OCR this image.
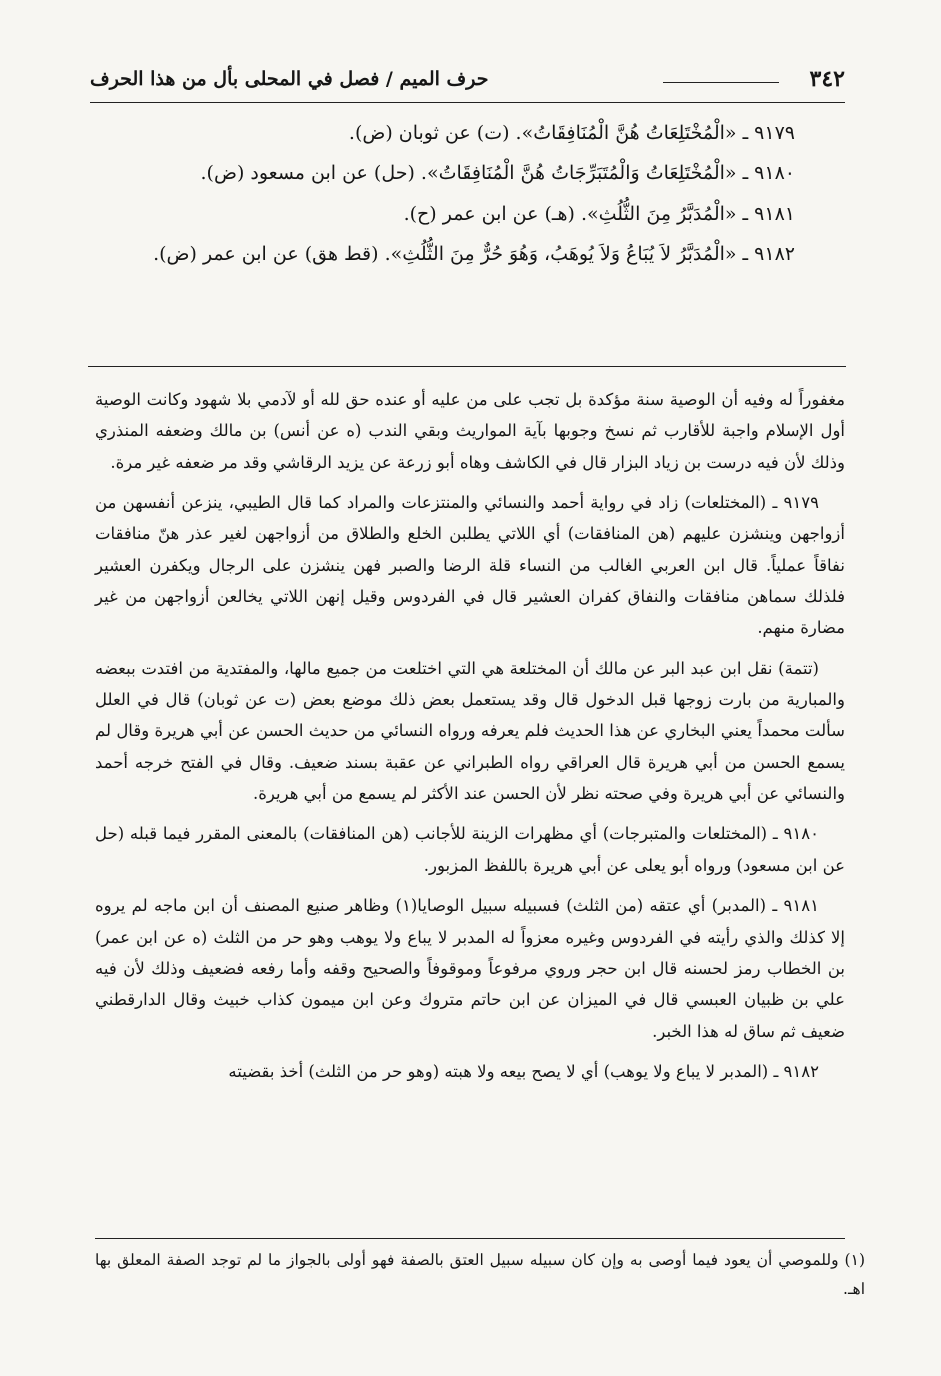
٣٤٢
حرف الميم / فصل في المحلى بأل من هذا الحرف

٩١٧٩ ـ «الْمُخْتَلِعَاتُ هُنَّ الْمُنَافِقَاتُ». (ت) عن ثوبان (ض).

٩١٨٠ ـ «الْمُخْتَلِعَاتُ وَالْمُتَبَرِّجَاتُ هُنَّ الْمُنَافِقَاتُ». (حل) عن ابن مسعود (ض).

٩١٨١ ـ «الْمُدَبَّرُ مِنَ الثُّلُثِ». (هـ) عن ابن عمر (ح).

٩١٨٢ ـ «الْمُدَبَّرُ لاَ يُبَاعُ وَلاَ يُوهَبُ، وَهُوَ حُرٌّ مِنَ الثُّلُثِ». (قط هق) عن ابن عمر (ض).

مغفوراً له وفيه أن الوصية سنة مؤكدة بل تجب على من عليه أو عنده حق لله أو لآدمي بلا شهود وكانت الوصية أول الإسلام واجبة للأقارب ثم نسخ وجوبها بآية المواريث وبقي الندب (ه عن أنس) بن مالك وضعفه المنذري وذلك لأن فيه درست بن زياد البزار قال في الكاشف وهاه أبو زرعة عن يزيد الرقاشي وقد مر ضعفه غير مرة.

٩١٧٩ ـ (المختلعات) زاد في رواية أحمد والنسائي والمنتزعات والمراد كما قال الطيبي، ينزعن أنفسهن من أزواجهن وينشزن عليهم (هن المنافقات) أي اللاتي يطلبن الخلع والطلاق من أزواجهن لغير عذر هنّ منافقات نفاقاً عملياً. قال ابن العربي الغالب من النساء قلة الرضا والصبر فهن ينشزن على الرجال ويكفرن العشير فلذلك سماهن منافقات والنفاق كفران العشير قال في الفردوس وقيل إنهن اللاتي يخالعن أزواجهن من غير مضارة منهم.

(تتمة) نقل ابن عبد البر عن مالك أن المختلعة هي التي اختلعت من جميع مالها، والمفتدية من افتدت ببعضه والمبارية من بارت زوجها قبل الدخول قال وقد يستعمل بعض ذلك موضع بعض (ت عن ثوبان) قال في العلل سألت محمداً يعني البخاري عن هذا الحديث فلم يعرفه ورواه النسائي من حديث الحسن عن أبي هريرة وقال لم يسمع الحسن من أبي هريرة قال العراقي رواه الطبراني عن عقبة بسند ضعيف. وقال في الفتح خرجه أحمد والنسائي عن أبي هريرة وفي صحته نظر لأن الحسن عند الأكثر لم يسمع من أبي هريرة.

٩١٨٠ ـ (المختلعات والمتبرجات) أي مظهرات الزينة للأجانب (هن المنافقات) بالمعنى المقرر فيما قبله (حل عن ابن مسعود) ورواه أبو يعلى عن أبي هريرة باللفظ المزبور.

٩١٨١ ـ (المدبر) أي عتقه (من الثلث) فسبيله سبيل الوصايا(١) وظاهر صنيع المصنف أن ابن ماجه لم يروه إلا كذلك والذي رأيته في الفردوس وغيره معزواً له المدبر لا يباع ولا يوهب وهو حر من الثلث (ه عن ابن عمر) بن الخطاب رمز لحسنه قال ابن حجر وروي مرفوعاً وموقوفاً والصحيح وقفه وأما رفعه فضعيف وذلك لأن فيه علي بن ظبيان العبسي قال في الميزان عن ابن حاتم متروك وعن ابن ميمون كذاب خبيث وقال الدارقطني ضعيف ثم ساق له هذا الخبر.

٩١٨٢ ـ (المدبر لا يباع ولا يوهب) أي لا يصح بيعه ولا هبته (وهو حر من الثلث) أخذ بقضيته

(١) وللموصي أن يعود فيما أوصى به وإن كان سبيله سبيل العتق بالصفة فهو أولى بالجواز ما لم توجد الصفة المعلق بها اهـ.
